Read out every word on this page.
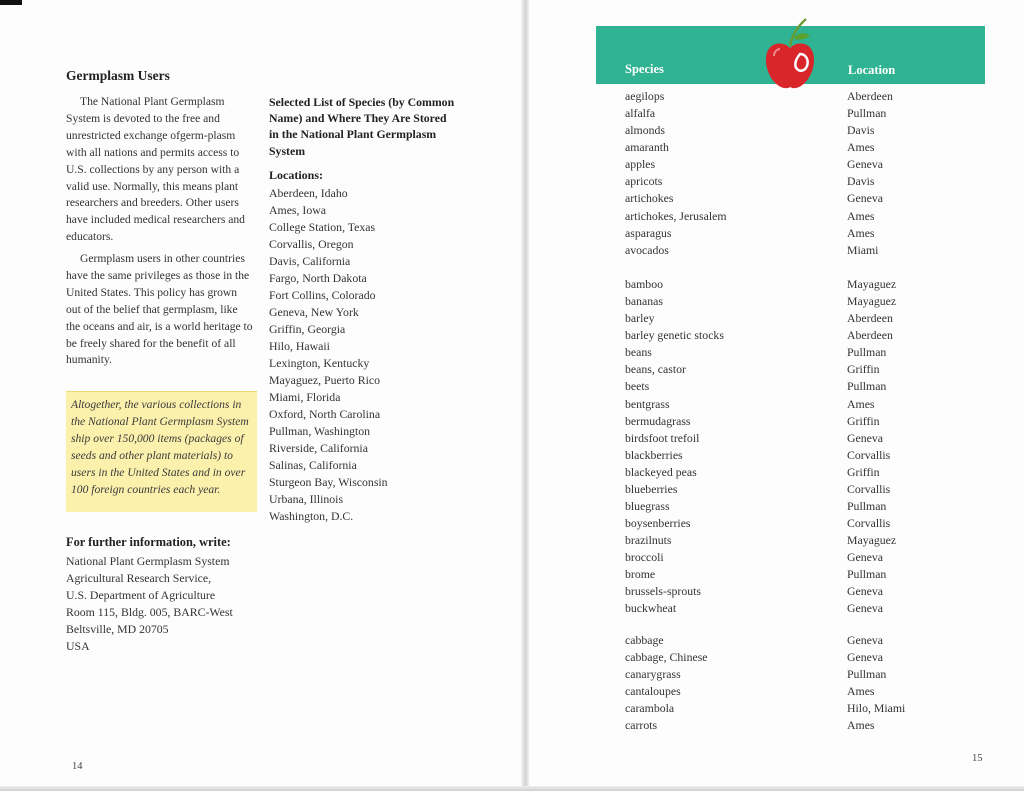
Germplasm Users

The National Plant Germplasm System is devoted to the free and unrestricted exchange ofgerm-plasm with all nations and permits access to U.S. collections by any person with a valid use. Normally, this means plant researchers and breeders. Other users have included medical researchers and educators.

Germplasm users in other countries have the same privileges as those in the United States. This policy has grown out of the belief that germplasm, like the oceans and air, is a world heritage to be freely shared for the benefit of all humanity.

Altogether, the various collections in the National Plant Germplasm System ship over 150,000 items (packages of seeds and other plant materials) to users in the United States and in over 100 foreign countries each year.

For further information, write:
National Plant Germplasm System
Agricultural Research Service,
U.S. Department of Agriculture
Room 115, Bldg. 005, BARC-West
Beltsville, MD 20705
USA
Selected List of Species (by Common Name) and Where They Are Stored in the National Plant Germplasm System
Locations:
Aberdeen, Idaho
Ames, Iowa
College Station, Texas
Corvallis, Oregon
Davis, California
Fargo, North Dakota
Fort Collins, Colorado
Geneva, New York
Griffin, Georgia
Hilo, Hawaii
Lexington, Kentucky
Mayaguez, Puerto Rico
Miami, Florida
Oxford, North Carolina
Pullman, Washington
Riverside, California
Salinas, California
Sturgeon Bay, Wisconsin
Urbana, Illinois
Washington, D.C.
14
Species	Location
aegilops
alfalfa
almonds
amaranth
apples
apricots
artichokes
artichokes, Jerusalem
asparagus
avocados
Aberdeen
Pullman
Davis
Ames
Geneva
Davis
Geneva
Ames
Ames
Miami
bamboo
bananas
barley
barley genetic stocks
beans
beans, castor
beets
bentgrass
bermudagrass
birdsfoot trefoil
blackberries
blackeyed peas
blueberries
bluegrass
boysenberries
brazilnuts
broccoli
brome
brussels-sprouts
buckwheat
Mayaguez
Mayaguez
Aberdeen
Aberdeen
Pullman
Griffin
Pullman
Ames
Griffin
Geneva
Corvallis
Griffin
Corvallis
Pullman
Corvallis
Mayaguez
Geneva
Pullman
Geneva
Geneva
cabbage
cabbage, Chinese
canarygrass
cantaloupes
carambola
carrots
Geneva
Geneva
Pullman
Ames
Hilo, Miami
Ames
15
